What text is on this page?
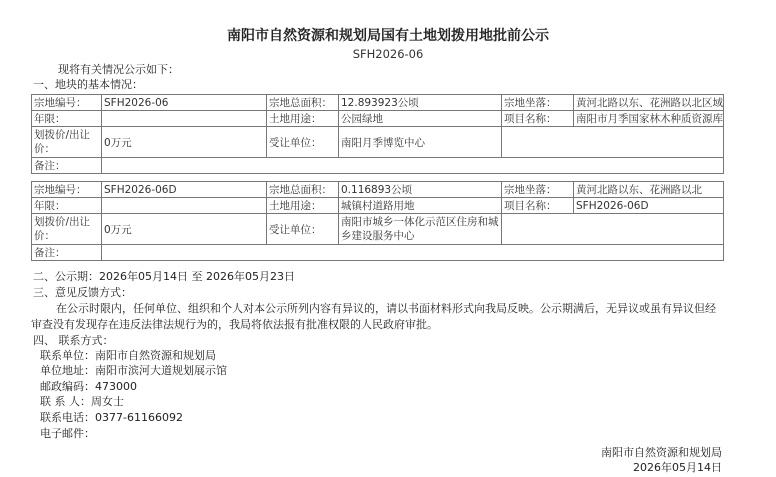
南阳市自然资源和规划局国有土地划拨用地批前公示
SFH2026-06
现将有关情况公示如下：
一、地块的基本情况：
宗地编号：	SFH2026-06	宗地总面积：	12.893923公顷	宗地坐落：	黄河北路以东、花洲路以北区域
年限：		土地用途：	公园绿地	项目名称：	南阳市月季国家林木种质资源库
划拨价/出让价：	0万元	受让单位：	南阳月季博览中心		
备注：					
宗地编号：	SFH2026-06D	宗地总面积：	0.116893公顷	宗地坐落：	黄河北路以东、花洲路以北
年限：		土地用途：	城镇村道路用地	项目名称：	SFH2026-06D
划拨价/出让价：	0万元	受让单位：	南阳市城乡一体化示范区住房和城乡建设服务中心		
备注：					
二、公示期：2026年05月14日 至 2026年05月23日
三、意见反馈方式：
在公示时限内，任何单位、组织和个人对本公示所列内容有异议的，请以书面材料形式向我局反映。公示期满后，无异议或虽有异议但经审查没有发现存在违反法律法规行为的，我局将依法报有批准权限的人民政府审批。
四、 联系方式：
联系单位：南阳市自然资源和规划局
单位地址：南阳市滨河大道规划展示馆
邮政编码：473000
联 系 人：周女士
联系电话：0377-61166092
电子邮件：
南阳市自然资源和规划局
2026年05月14日
